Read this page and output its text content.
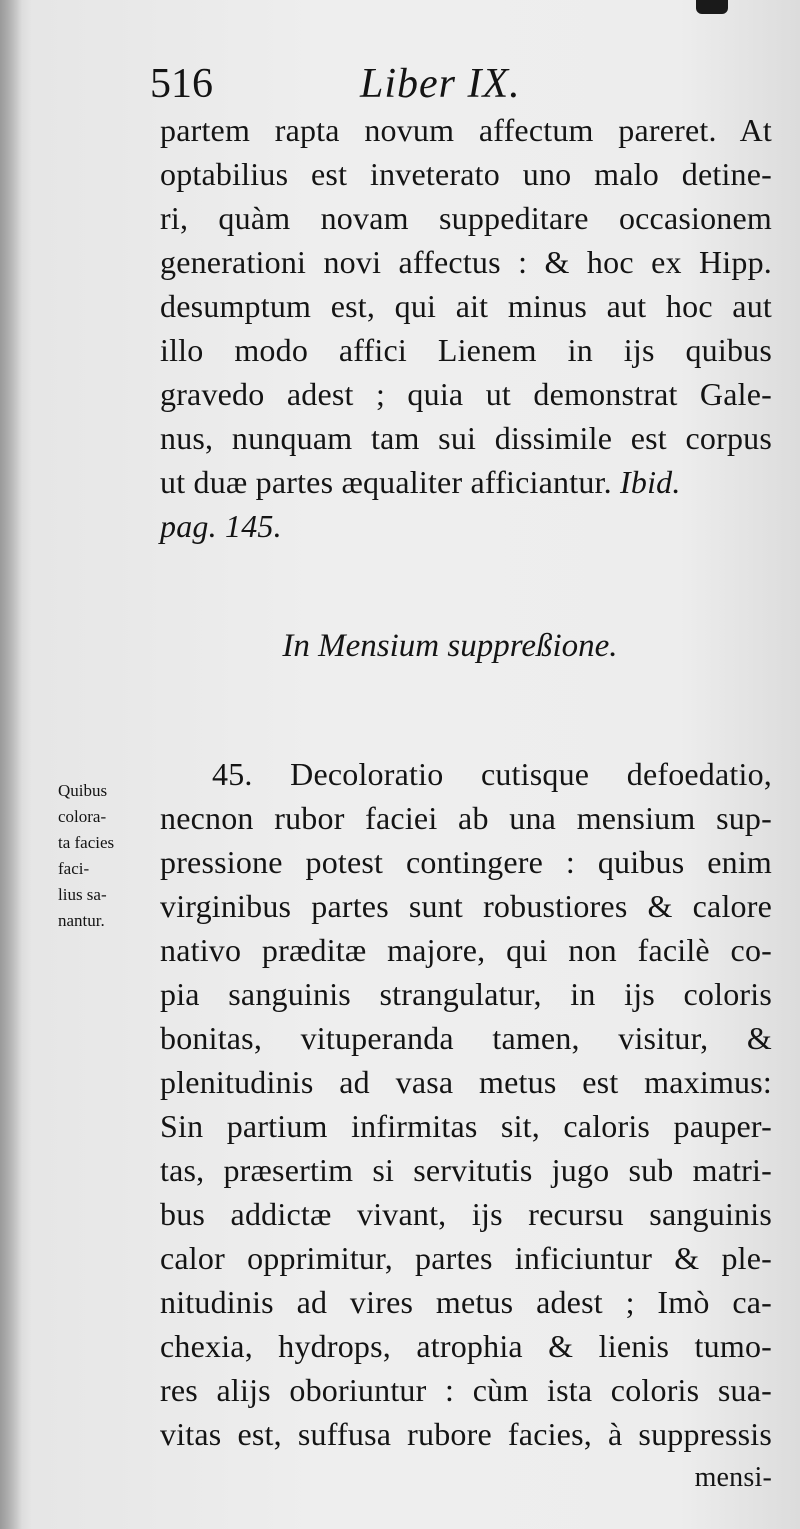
516	Liber IX.
partem rapta novum affectum pareret. At
optabilius est inveterato uno malo detine-
ri, quàm novam suppeditare occasionem
generationi novi affectus : & hoc ex Hipp.
desumptum est, qui ait minus aut hoc aut
illo modo affici Lienem in ijs quibus
gravedo adest ; quia ut demonstrat Gale-
nus, nunquam tam sui dissimile est corpus
ut duæ partes æqualiter afficiantur. Ibid.
pag. 145.
In Mensium suppreßione.
Quibus
colora-
ta facies
faci-
lius sa-
nantur.
45. Decoloratio cutisque defoedatio,
necnon rubor faciei ab una mensium sup-
pressione potest contingere : quibus enim
virginibus partes sunt robustiores & calore
nativo præditæ majore, qui non facilè co-
pia sanguinis strangulatur, in ijs coloris
bonitas, vituperanda tamen, visitur, &
plenitudinis ad vasa metus est maximus:
Sin partium infirmitas sit, caloris pauper-
tas, præsertim si servitutis jugo sub matri-
bus addictæ vivant, ijs recursu sanguinis
calor opprimitur, partes inficiuntur & ple-
nitudinis ad vires metus adest ; Imò ca-
chexia, hydrops, atrophia & lienis tumo-
res alijs oboriuntur : cùm ista coloris sua-
vitas est, suffusa rubore facies, à suppressis
mensi-
